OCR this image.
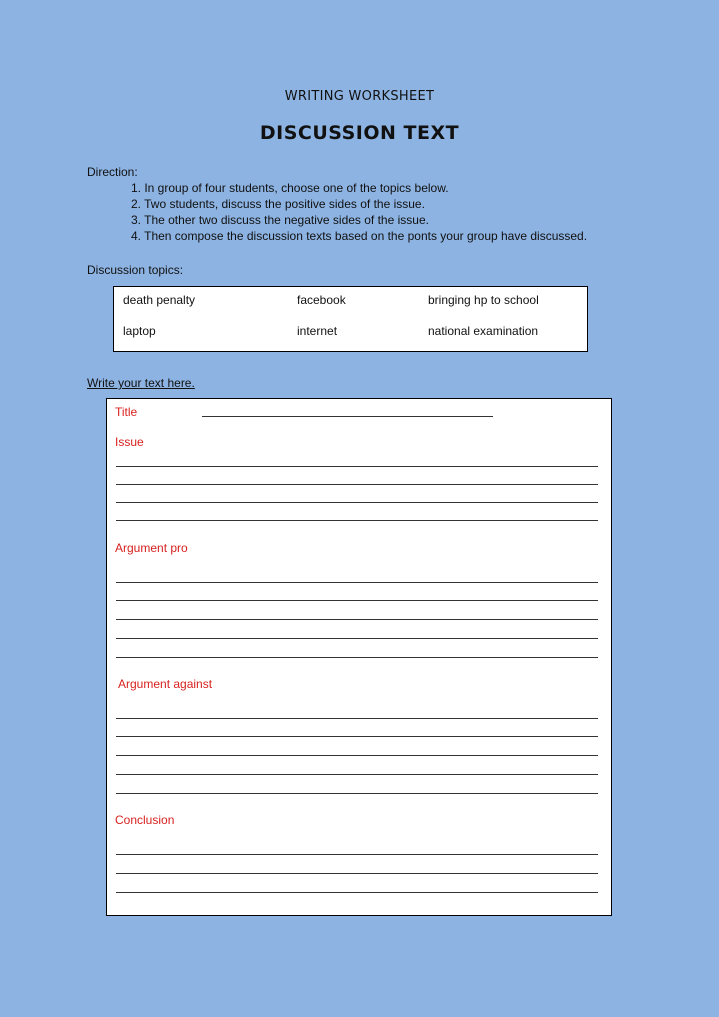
WRITING WORKSHEET
DISCUSSION TEXT
Direction:
1. In group of four students, choose one of the topics below.
2. Two students, discuss the positive sides of the issue.
3. The other two discuss the negative sides of the issue.
4. Then compose the discussion texts based on the ponts your group have discussed.
Discussion topics:
death penalty	facebook	bringing hp to school
laptop	internet	national examination
Write your text here.
Title
Issue
Argument pro
Argument against
Conclusion
